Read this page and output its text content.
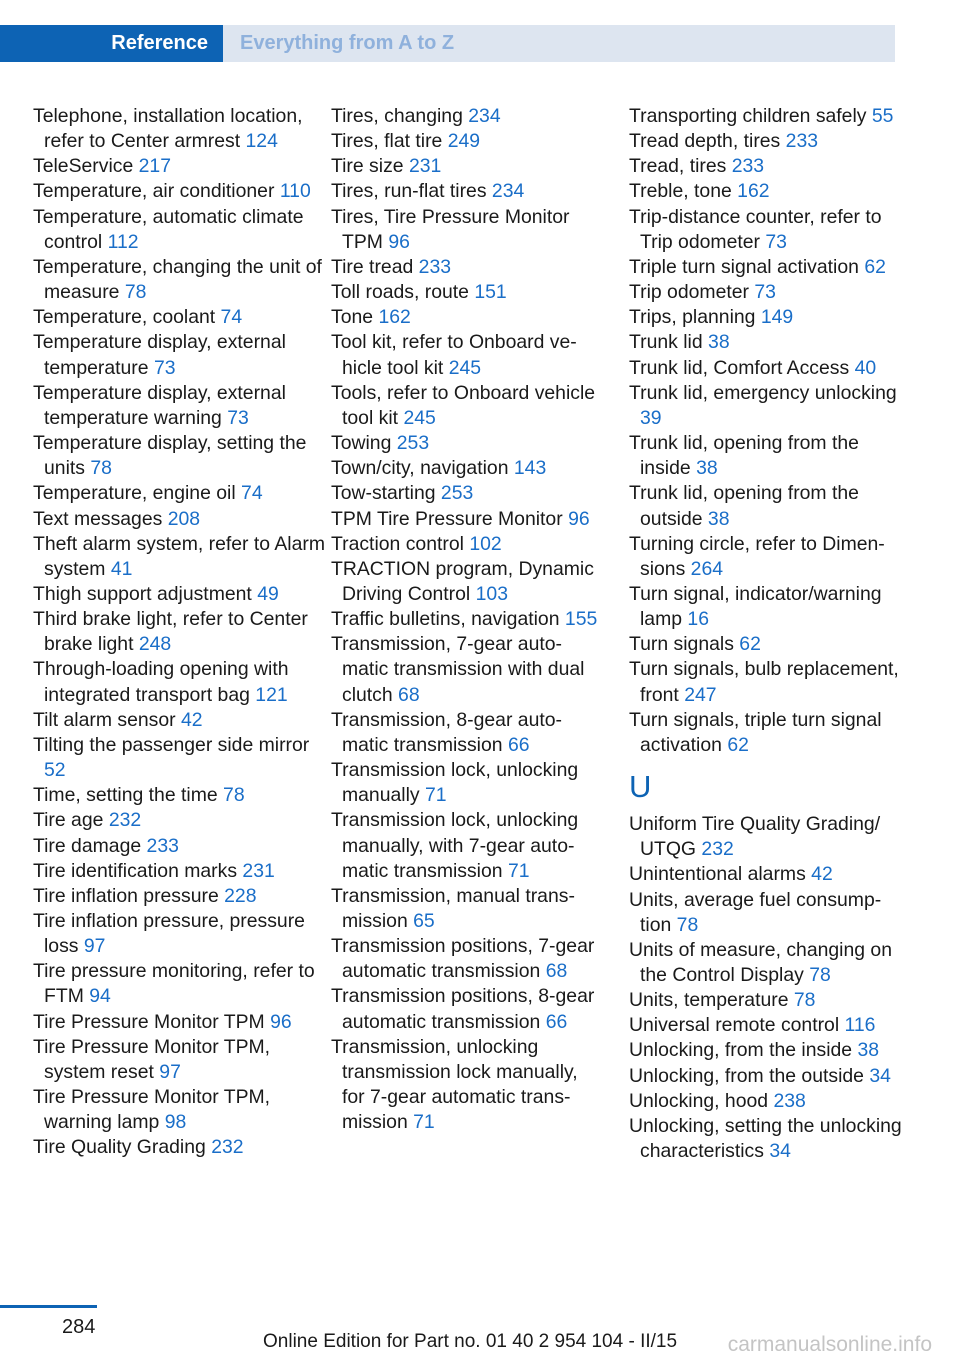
Reference Everything from A to Z
Telephone, installation location, refer to Center armrest 124
TeleService 217
Temperature, air conditioner 110
Temperature, automatic climate control 112
Temperature, changing the unit of measure 78
Temperature, coolant 74
Temperature display, external temperature 73
Temperature display, external temperature warning 73
Temperature display, setting the units 78
Temperature, engine oil 74
Text messages 208
Theft alarm system, refer to Alarm system 41
Thigh support adjustment 49
Third brake light, refer to Center brake light 248
Through-loading opening with integrated transport bag 121
Tilt alarm sensor 42
Tilting the passenger side mirror 52
Time, setting the time 78
Tire age 232
Tire damage 233
Tire identification marks 231
Tire inflation pressure 228
Tire inflation pressure, pressure loss 97
Tire pressure monitoring, refer to FTM 94
Tire Pressure Monitor TPM 96
Tire Pressure Monitor TPM, system reset 97
Tire Pressure Monitor TPM, warning lamp 98
Tire Quality Grading 232
Tires, changing 234
Tires, flat tire 249
Tire size 231
Tires, run-flat tires 234
Tires, Tire Pressure Monitor TPM 96
Tire tread 233
Toll roads, route 151
Tone 162
Tool kit, refer to Onboard vehicle tool kit 245
Tools, refer to Onboard vehicle tool kit 245
Towing 253
Town/city, navigation 143
Tow-starting 253
TPM Tire Pressure Monitor 96
Traction control 102
TRACTION program, Dynamic Driving Control 103
Traffic bulletins, navigation 155
Transmission, 7-gear automatic transmission with dual clutch 68
Transmission, 8-gear automatic transmission 66
Transmission lock, unlocking manually 71
Transmission lock, unlocking manually, with 7-gear automatic transmission 71
Transmission, manual transmission 65
Transmission positions, 7-gear automatic transmission 68
Transmission positions, 8-gear automatic transmission 66
Transmission, unlocking transmission lock manually, for 7-gear automatic transmission 71
Transporting children safely 55
Tread depth, tires 233
Tread, tires 233
Treble, tone 162
Trip-distance counter, refer to Trip odometer 73
Triple turn signal activation 62
Trip odometer 73
Trips, planning 149
Trunk lid 38
Trunk lid, Comfort Access 40
Trunk lid, emergency unlocking 39
Trunk lid, opening from the inside 38
Trunk lid, opening from the outside 38
Turning circle, refer to Dimensions 264
Turn signal, indicator/warning lamp 16
Turn signals 62
Turn signals, bulb replacement, front 247
Turn signals, triple turn signal activation 62
U
Uniform Tire Quality Grading/ UTQG 232
Unintentional alarms 42
Units, average fuel consumption 78
Units of measure, changing on the Control Display 78
Units, temperature 78
Universal remote control 116
Unlocking, from the inside 38
Unlocking, from the outside 34
Unlocking, hood 238
Unlocking, setting the unlocking characteristics 34
284
Online Edition for Part no. 01 40 2 954 104 - II/15 carmanualsonline.info
